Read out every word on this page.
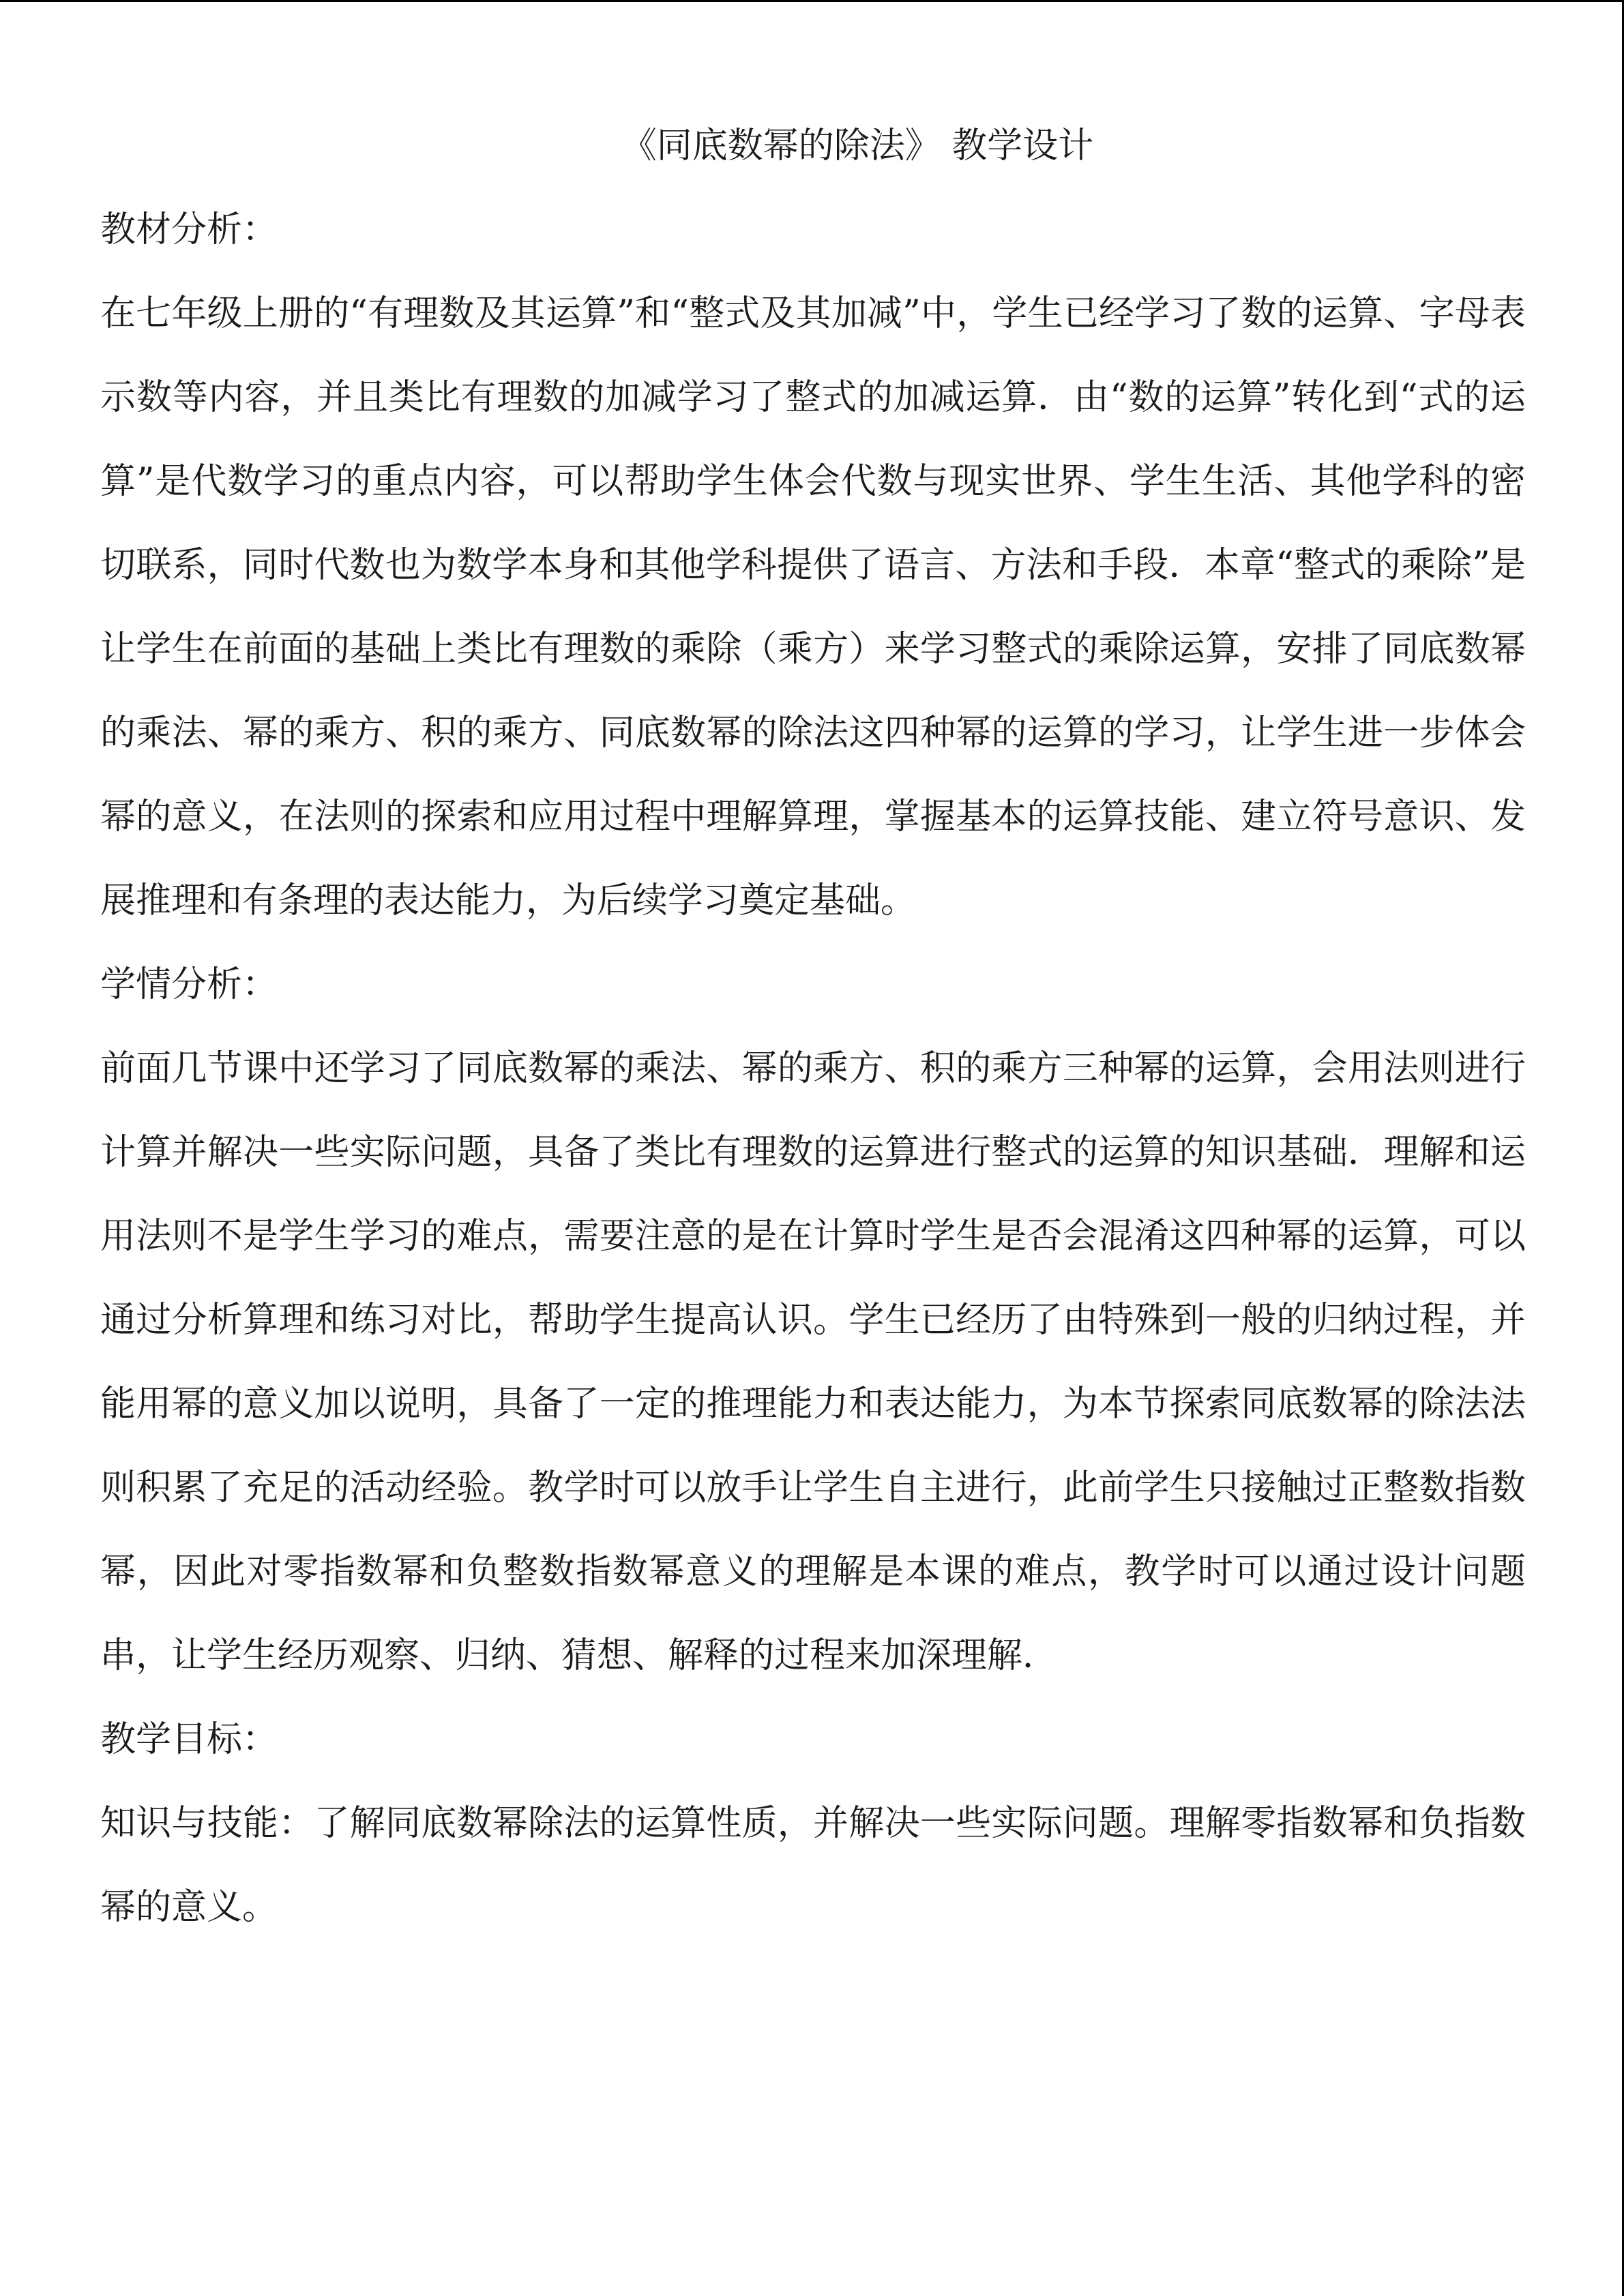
《同底数幂的除法》 教学设计
教材分析：

在七年级上册的“有理数及其运算”和“整式及其加减”中，学生已经学习了数的运算、字母表示数等内容，并且类比有理数的加减学习了整式的加减运算．由“数的运算”转化到“式的运算”是代数学习的重点内容，可以帮助学生体会代数与现实世界、学生生活、其他学科的密切联系，同时代数也为数学本身和其他学科提供了语言、方法和手段．本章“整式的乘除”是让学生在前面的基础上类比有理数的乘除（乘方）来学习整式的乘除运算，安排了同底数幂的乘法、幂的乘方、积的乘方、同底数幂的除法这四种幂的运算的学习，让学生进一步体会幂的意义，在法则的探索和应用过程中理解算理，掌握基本的运算技能、建立符号意识、发展推理和有条理的表达能力，为后续学习奠定基础。

学情分析：

前面几节课中还学习了同底数幂的乘法、幂的乘方、积的乘方三种幂的运算，会用法则进行计算并解决一些实际问题，具备了类比有理数的运算进行整式的运算的知识基础．理解和运用法则不是学生学习的难点，需要注意的是在计算时学生是否会混淆这四种幂的运算，可以通过分析算理和练习对比，帮助学生提高认识。学生已经历了由特殊到一般的归纳过程，并能用幂的意义加以说明，具备了一定的推理能力和表达能力，为本节探索同底数幂的除法法则积累了充足的活动经验。教学时可以放手让学生自主进行，此前学生只接触过正整数指数幂，因此对零指数幂和负整数指数幂意义的理解是本课的难点，教学时可以通过设计问题串，让学生经历观察、归纳、猜想、解释的过程来加深理解．

教学目标：

知识与技能：了解同底数幂除法的运算性质，并解决一些实际问题。理解零指数幂和负指数幂的意义。
